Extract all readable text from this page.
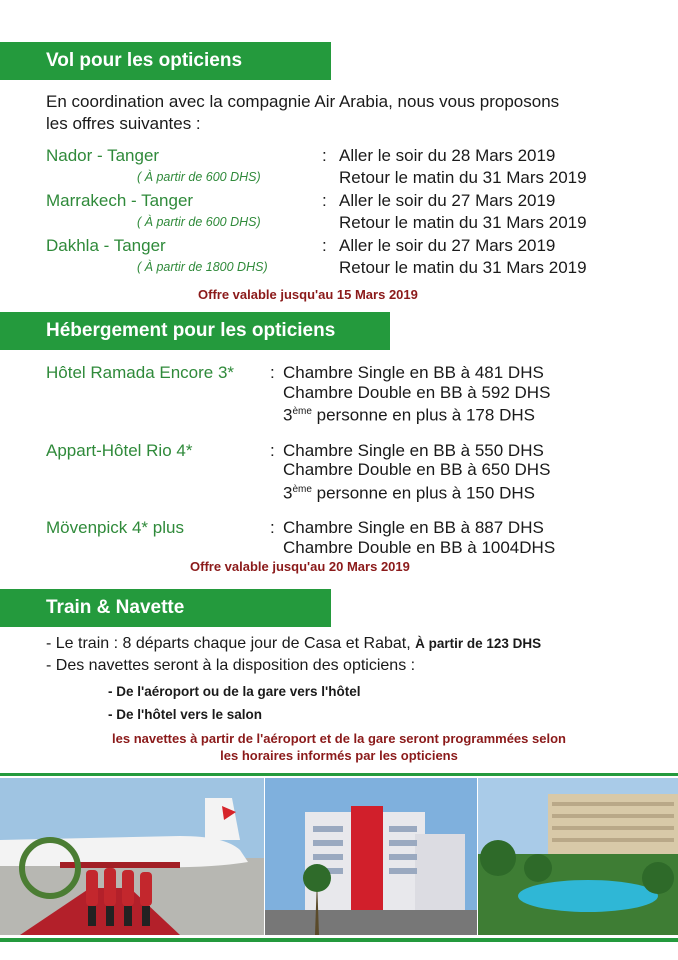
Vol pour les opticiens
En coordination avec la compagnie Air Arabia, nous vous proposons
les offres suivantes :
Nador - Tanger	: Aller le soir du 28 Mars 2019
( À partir de 600 DHS)	Retour le matin du 31 Mars 2019
Marrakech - Tanger	: Aller le soir du 27 Mars 2019
( À partir de 600 DHS)	Retour le matin du 31 Mars 2019
Dakhla - Tanger	: Aller le soir du 27 Mars 2019
( À partir de 1800 DHS)	Retour le matin du 31 Mars 2019
Offre valable jusqu'au 15 Mars 2019
Hébergement pour les opticiens
Hôtel Ramada Encore 3* : Chambre Single en BB à 481 DHS
Chambre Double en BB à 592 DHS
3ème personne en plus à 178 DHS
Appart-Hôtel Rio 4*	: Chambre Single en BB à 550 DHS
Chambre Double en BB à 650 DHS
3ème personne en plus à 150 DHS
Mövenpick 4* plus	: Chambre Single en BB à 887 DHS
Chambre Double en BB à 1004DHS
Offre valable jusqu'au 20 Mars 2019
Train & Navette
- Le train : 8 départs chaque jour de Casa et Rabat, À partir de 123 DHS
- Des navettes seront à la disposition des opticiens :
- De l'aéroport ou de la gare vers l'hôtel
- De l'hôtel vers le salon
les navettes à partir de l'aéroport et de la gare seront programmées selon
les horaires informés par les opticiens
